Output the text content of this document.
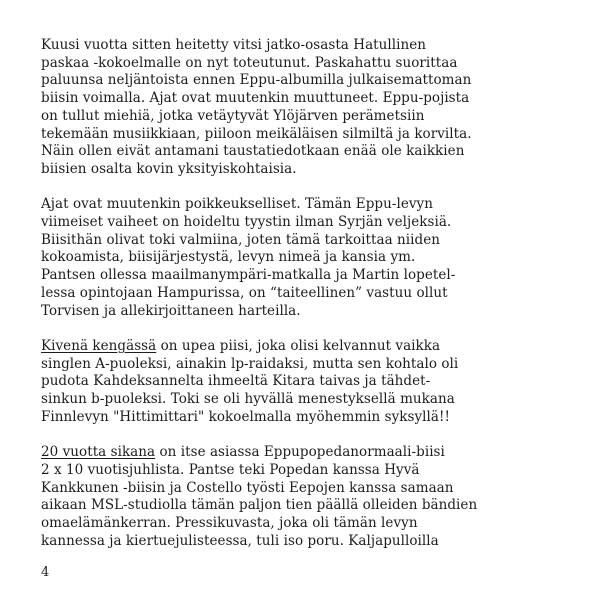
Kuusi vuotta sitten heitetty vitsi jatko-osasta Hatullinen
paskaa -kokoelmalle on nyt toteutunut. Paskahattu suorittaa
paluunsa neljäntoista ennen Eppu-albumilla julkaisemattoman
biisin voimalla. Ajat ovat muutenkin muuttuneet. Eppu-pojista
on tullut miehiä, jotka vetäytyvät Ylöjärven perämetsiin
tekemään musiikkiaan, piiloon meikäläisen silmiltä ja korvilta.
Näin ollen eivät antamani taustatiedotkaan enää ole kaikkien
biisien osalta kovin yksityiskohtaisia.
Ajat ovat muutenkin poikkeukselliset. Tämän Eppu-levyn
viimeiset vaiheet on hoideltu tyystin ilman Syrjän veljeksiä.
Biisithän olivat toki valmiina, joten tämä tarkoittaa niiden
kokoamista, biisijärjestystä, levyn nimeä ja kansia ym.
Pantsen ollessa maailmanympäri-matkalla ja Martin lopetel-
lessa opintojaan Hampurissa, on “taiteellinen” vastuu ollut
Torvisen ja allekirjoittaneen harteilla.
Kivenä kengässä on upea piisi, joka olisi kelvannut vaikka
singlen A-puoleksi, ainakin lp-raidaksi, mutta sen kohtalo oli
pudota Kahdeksannelta ihmeeltä Kitara taivas ja tähdet-
sinkun b-puoleksi. Toki se oli hyvällä menestyksellä mukana
Finnlevyn "Hittimittari" kokoelmalla myöhemmin syksyllä!!
20 vuotta sikana on itse asiassa Eppupopedanormaali-biisi
2 x 10 vuotisjuhlista. Pantse teki Popedan kanssa Hyvä
Kankkunen -biisin ja Costello työsti Eepojen kanssa samaan
aikaan MSL-studiolla tämän paljon tien päällä olleiden bändien
omaelämänkerran. Pressikuvasta, joka oli tämän levyn
kannessa ja kiertuejulisteessa, tuli iso poru. Kaljapulloilla
4
